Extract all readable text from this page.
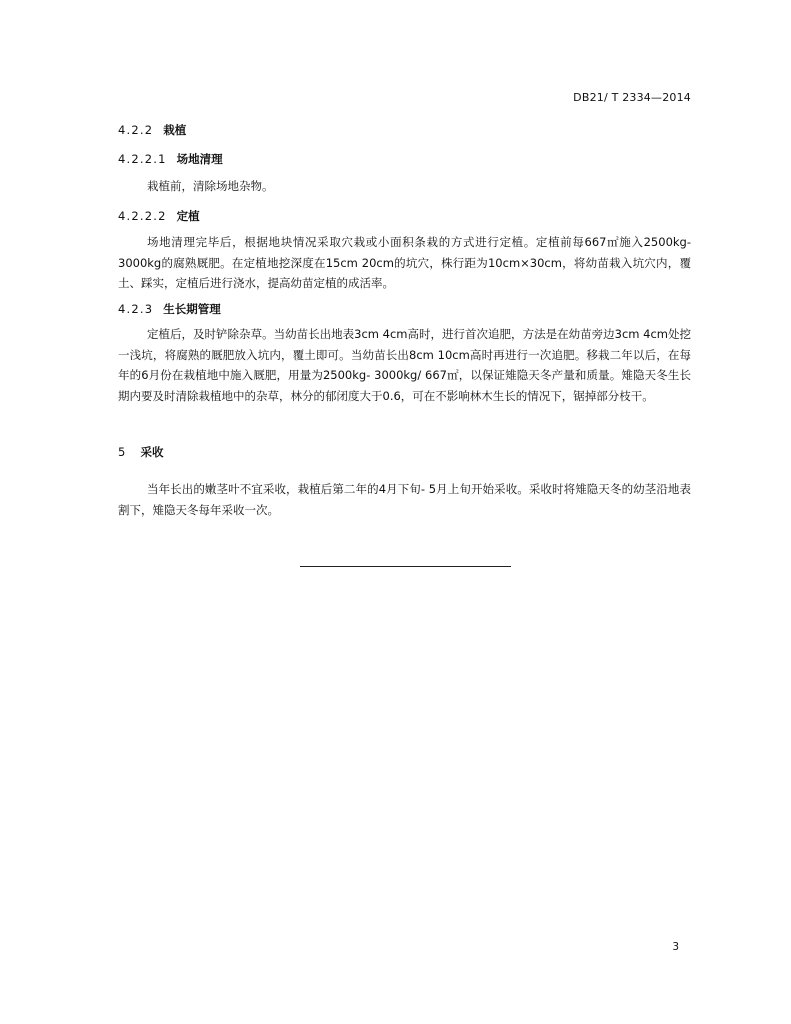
DB21/ T 2334—2014
4.2.2 栽植
4.2.2.1 场地清理
栽植前，清除场地杂物。
4.2.2.2 定植
场地清理完毕后，根据地块情况采取穴栽或小面积条栽的方式进行定植。定植前每667㎡施入2500kg- 3000kg的腐熟厩肥。在定植地挖深度在15cm 20cm的坑穴，株行距为10cm×30cm，将幼苗栽入坑穴内，覆土、踩实，定植后进行浇水，提高幼苗定植的成活率。
4.2.3 生长期管理
定植后，及时铲除杂草。当幼苗长出地表3cm 4cm高时，进行首次追肥，方法是在幼苗旁边3cm 4cm处挖一浅坑，将腐熟的厩肥放入坑内，覆土即可。当幼苗长出8cm 10cm高时再进行一次追肥。移栽二年以后，在每年的6月份在栽植地中施入厩肥，用量为2500kg- 3000kg/ 667㎡，以保证雉隐天冬产量和质量。雉隐天冬生长期内要及时清除栽植地中的杂草，林分的郁闭度大于0.6，可在不影响林木生长的情况下，锯掉部分枝干。
5 采收
当年长出的嫩茎叶不宜采收，栽植后第二年的4月下旬- 5月上旬开始采收。采收时将雉隐天冬的幼茎沿地表割下，雉隐天冬每年采收一次。
3
